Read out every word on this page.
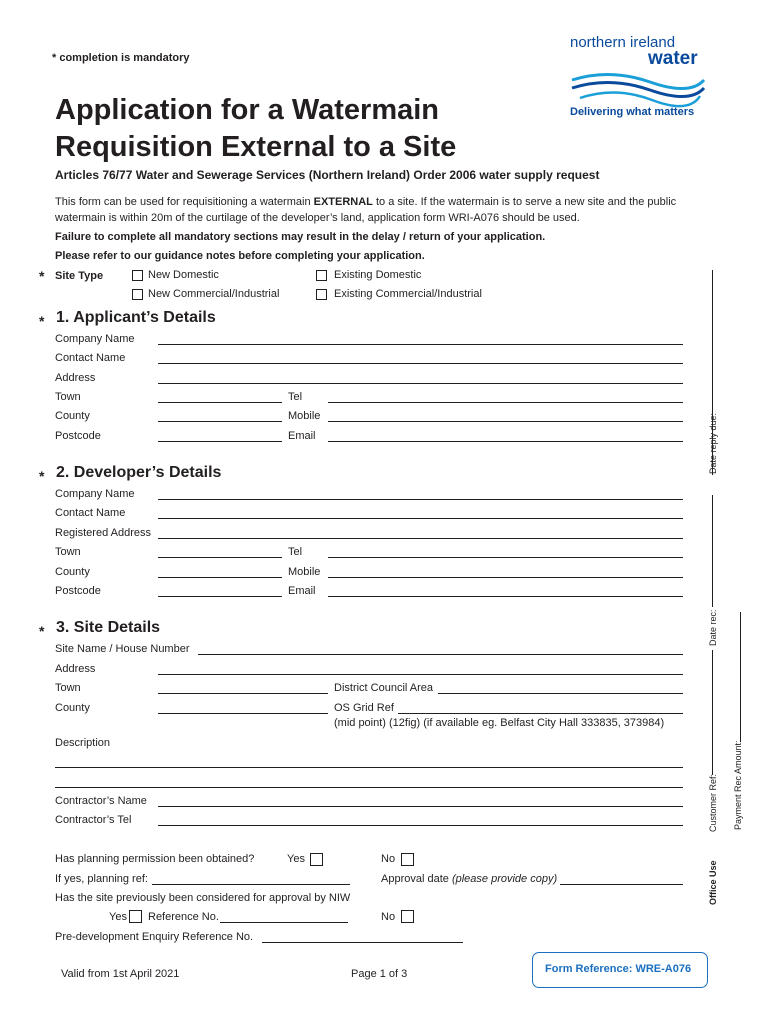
* completion is mandatory
Application for a Watermain
Requisition External to a Site
Articles 76/77 Water and Sewerage Services (Northern Ireland) Order 2006 water supply request
northern ireland
water
Delivering what matters
This form can be used for requisitioning a watermain EXTERNAL to a site. If the watermain is to serve a new site and the public
watermain is within 20m of the curtilage of the developer’s land, application form WRI-A076 should be used.
Failure to complete all mandatory sections may result in the delay / return of your application.
Please refer to our guidance notes before completing your application.
* Site Type	New Domestic	Existing Domestic
New Commercial/Industrial	Existing Commercial/Industrial
* 1. Applicant’s Details
Company Name
Contact Name
Address
Town	Tel
County	Mobile
Postcode	Email
* 2. Developer’s Details
Company Name
Contact Name
Registered Address
Town	Tel
County	Mobile
Postcode	Email
* 3. Site Details
Site Name / House Number
Address
Town	District Council Area
County	OS Grid Ref
(mid point) (12fig) (if available eg. Belfast City Hall 333835, 373984)
Description
Contractor’s Name
Contractor’s Tel
Has planning permission been obtained?	Yes	No
If yes, planning ref:	Approval date (please provide copy)
Has the site previously been considered for approval by NIW
Yes Reference No.	No
Pre-development Enquiry Reference No.
Date reply due:
Date rec:
Customer Ref: Payment Rec Amount:
Office Use
Valid from 1st April 2021	Page 1 of 3	Form Reference: WRE-A076
